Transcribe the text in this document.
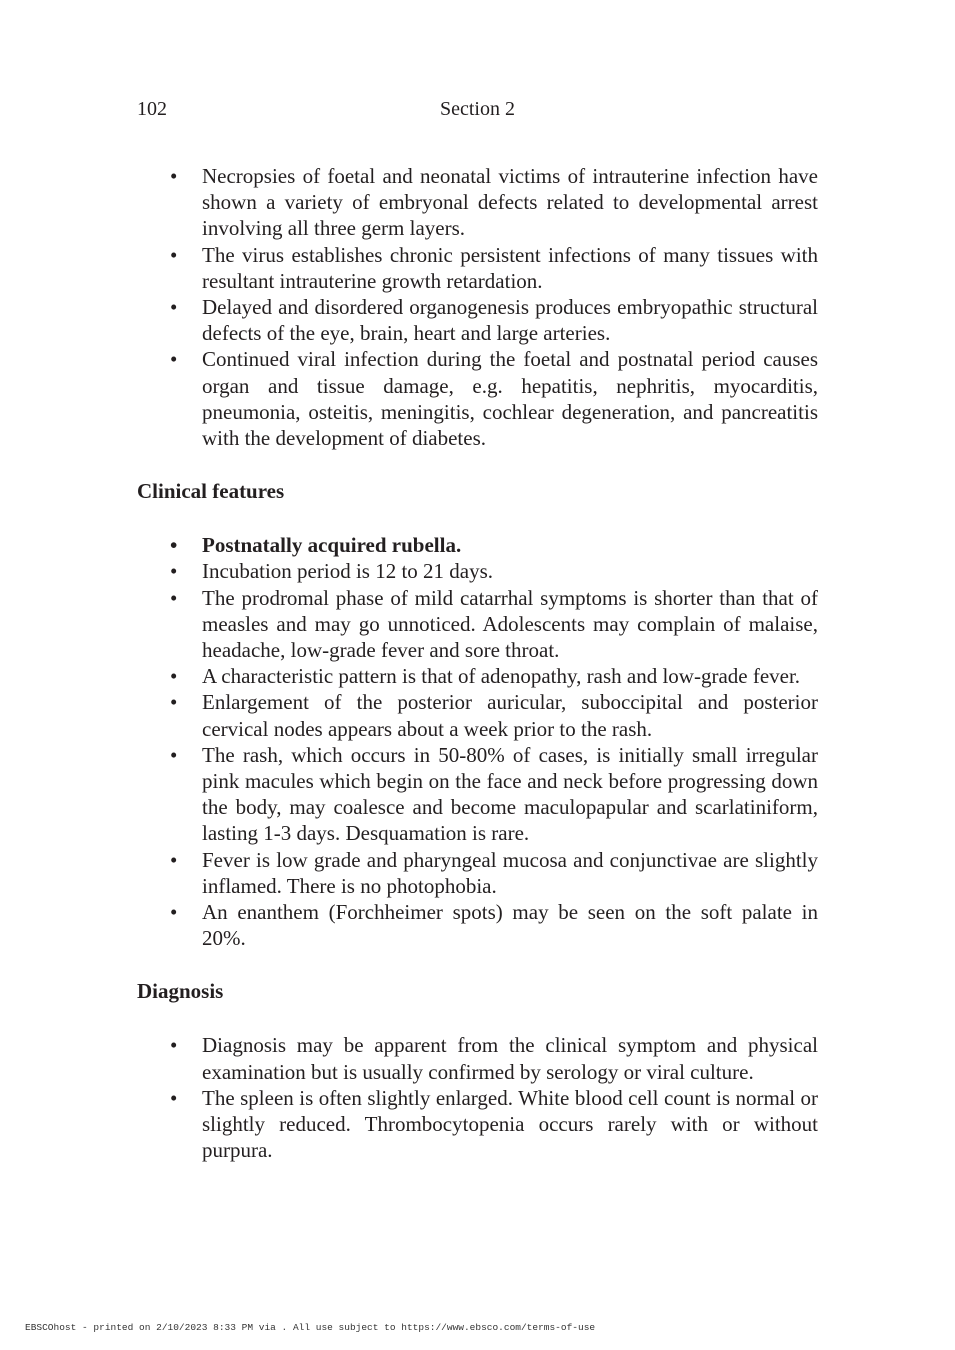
102	Section 2
• Necropsies of foetal and neonatal victims of intrauterine infection have shown a variety of embryonal defects related to developmental arrest involving all three germ layers.
• The virus establishes chronic persistent infections of many tissues with resultant intrauterine growth retardation.
• Delayed and disordered organogenesis produces embryopathic structural defects of the eye, brain, heart and large arteries.
• Continued viral infection during the foetal and postnatal period causes organ and tissue damage, e.g. hepatitis, nephritis, myocarditis, pneumonia, osteitis, meningitis, cochlear degeneration, and pancreatitis with the development of diabetes.
Clinical features
• Postnatally acquired rubella.
• Incubation period is 12 to 21 days.
• The prodromal phase of mild catarrhal symptoms is shorter than that of measles and may go unnoticed. Adolescents may complain of malaise, headache, low-grade fever and sore throat.
• A characteristic pattern is that of adenopathy, rash and low-grade fever.
• Enlargement of the posterior auricular, suboccipital and posterior cervical nodes appears about a week prior to the rash.
• The rash, which occurs in 50-80% of cases, is initially small irregular pink macules which begin on the face and neck before progressing down the body, may coalesce and become maculopapular and scarlatiniform, lasting 1-3 days. Desquamation is rare.
• Fever is low grade and pharyngeal mucosa and conjunctivae are slightly inflamed. There is no photophobia.
• An enanthem (Forchheimer spots) may be seen on the soft palate in 20%.
Diagnosis
• Diagnosis may be apparent from the clinical symptom and physical examination but is usually confirmed by serology or viral culture.
• The spleen is often slightly enlarged. White blood cell count is normal or slightly reduced. Thrombocytopenia occurs rarely with or without purpura.
EBSCOhost - printed on 2/10/2023 8:33 PM via . All use subject to https://www.ebsco.com/terms-of-use
